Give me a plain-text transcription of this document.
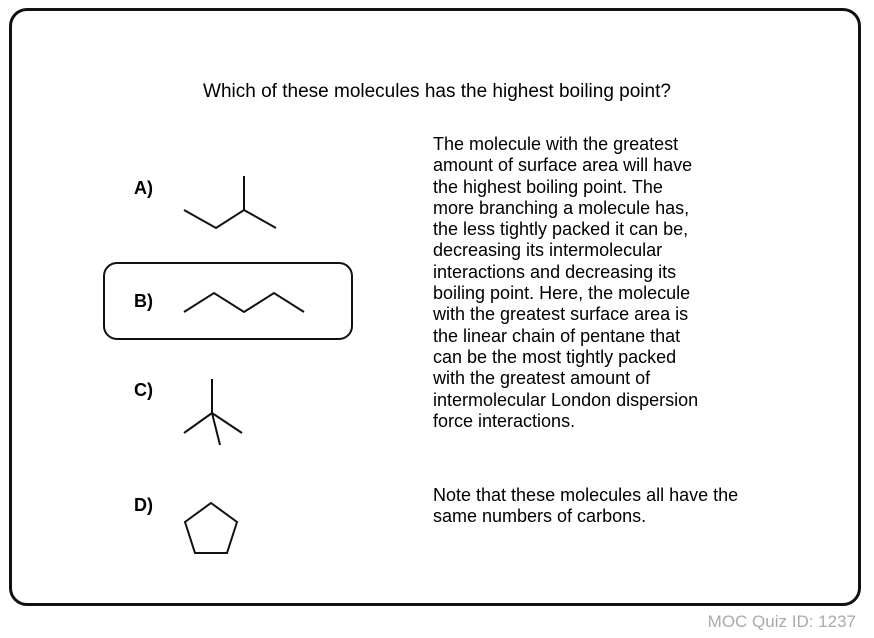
Which of these molecules has the highest boiling point?
A)
B)
C)
D)
The molecule with the greatest
amount of surface area will have
the highest boiling point. The
more branching a molecule has,
the less tightly packed it can be,
decreasing its intermolecular
interactions and decreasing its
boiling point. Here, the molecule
with the greatest surface area is
the linear chain of pentane that
can be the most tightly packed
with the greatest amount of
intermolecular London dispersion
force interactions.
Note that these molecules all have the
same numbers of carbons.
MOC Quiz ID: 1237
